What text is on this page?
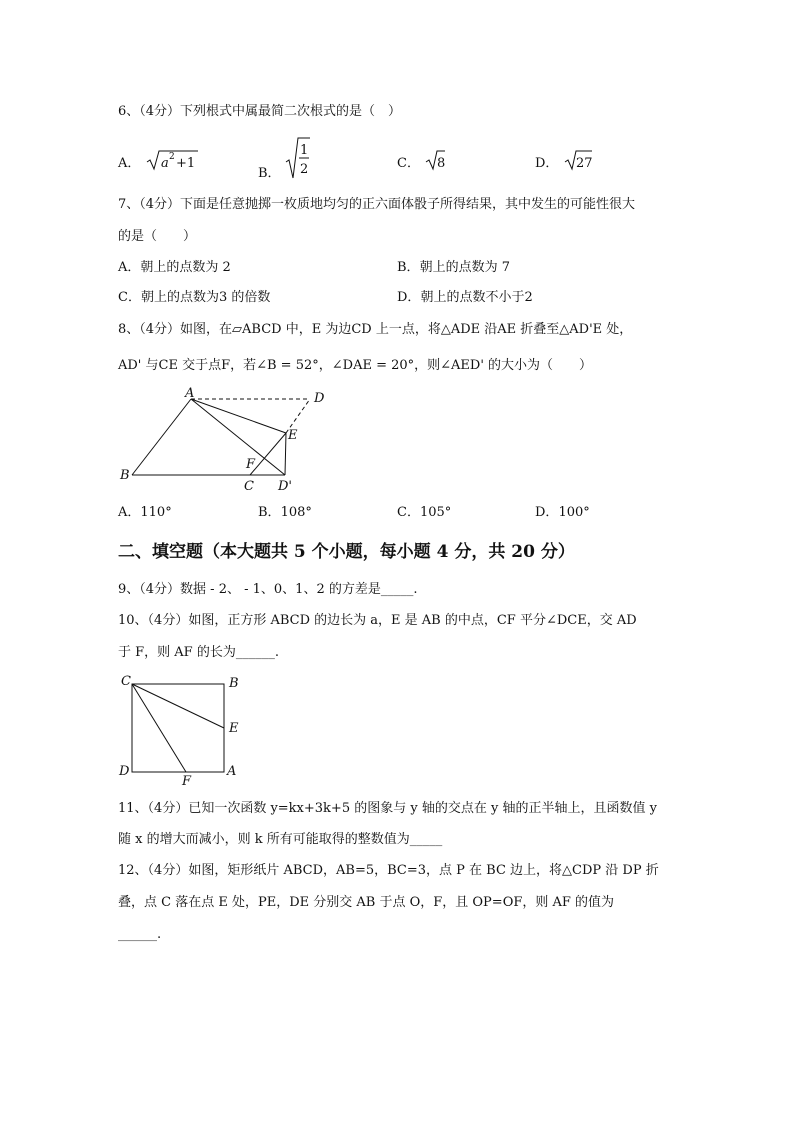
6、（4分）下列根式中属最简二次根式的是（　）
A． a 2 +1
B．
1
2	C． 8	D． 27
7、（4分）下面是任意抛掷一枚质地均匀的正六面体骰子所得结果，其中发生的可能性很大
的是（　　）
A．朝上的点数为 2	B．朝上的点数为 7
C．朝上的点数为3 的倍数	D．朝上的点数不小于2
8、（4分）如图，在▱ABCD 中，E 为边CD 上一点，将△ADE 沿AE 折叠至△AD'E 处，
AD' 与CE 交于点F，若∠B = 52°，∠DAE = 20°，则∠AED' 的大小为（　　）
A	D
B
C
E
F
D'
A．110°	B．108°	C．105°	D．100°
二、填空题（本大题共 5 个小题，每小题 4 分，共 20 分）
9、（4分）数据 - 2、 - 1、0、1、2 的方差是_____.
10、（4分）如图，正方形 ABCD 的边长为 a，E 是 AB 的中点，CF 平分∠DCE，交 AD
于 F，则 AF 的长为______.
C	B
E
D
F
A
11、（4分）已知一次函数 y=kx+3k+5 的图象与 y 轴的交点在 y 轴的正半轴上，且函数值 y
随 x 的增大而减小，则 k 所有可能取得的整数值为_____
12、（4分）如图，矩形纸片 ABCD，AB=5，BC=3，点 P 在 BC 边上，将△CDP 沿 DP 折
叠，点 C 落在点 E 处，PE，DE 分别交 AB 于点 O，F，且 OP=OF，则 AF 的值为
______.
